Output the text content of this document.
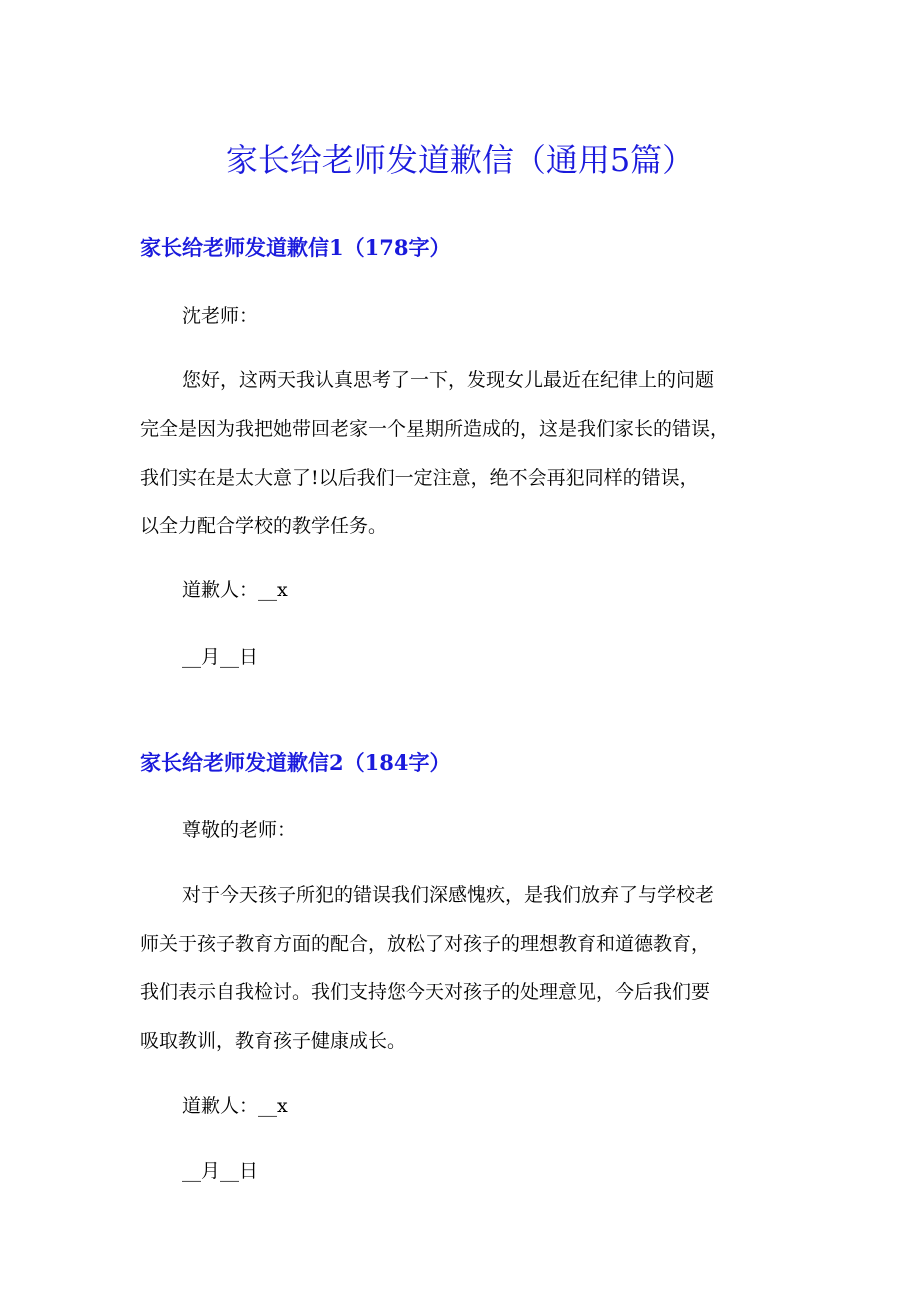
家长给老师发道歉信（通用5篇）
家长给老师发道歉信1（178字）

沈老师：

您好，这两天我认真思考了一下，发现女儿最近在纪律上的问题

完全是因为我把她带回老家一个星期所造成的，这是我们家长的错误，

我们实在是太大意了!以后我们一定注意，绝不会再犯同样的错误，

以全力配合学校的教学任务。

道歉人：__x

__月__日

家长给老师发道歉信2（184字）

尊敬的老师：

对于今天孩子所犯的错误我们深感愧疚，是我们放弃了与学校老

师关于孩子教育方面的配合，放松了对孩子的理想教育和道德教育，

我们表示自我检讨。我们支持您今天对孩子的处理意见，今后我们要

吸取教训，教育孩子健康成长。

道歉人：__x

__月__日
